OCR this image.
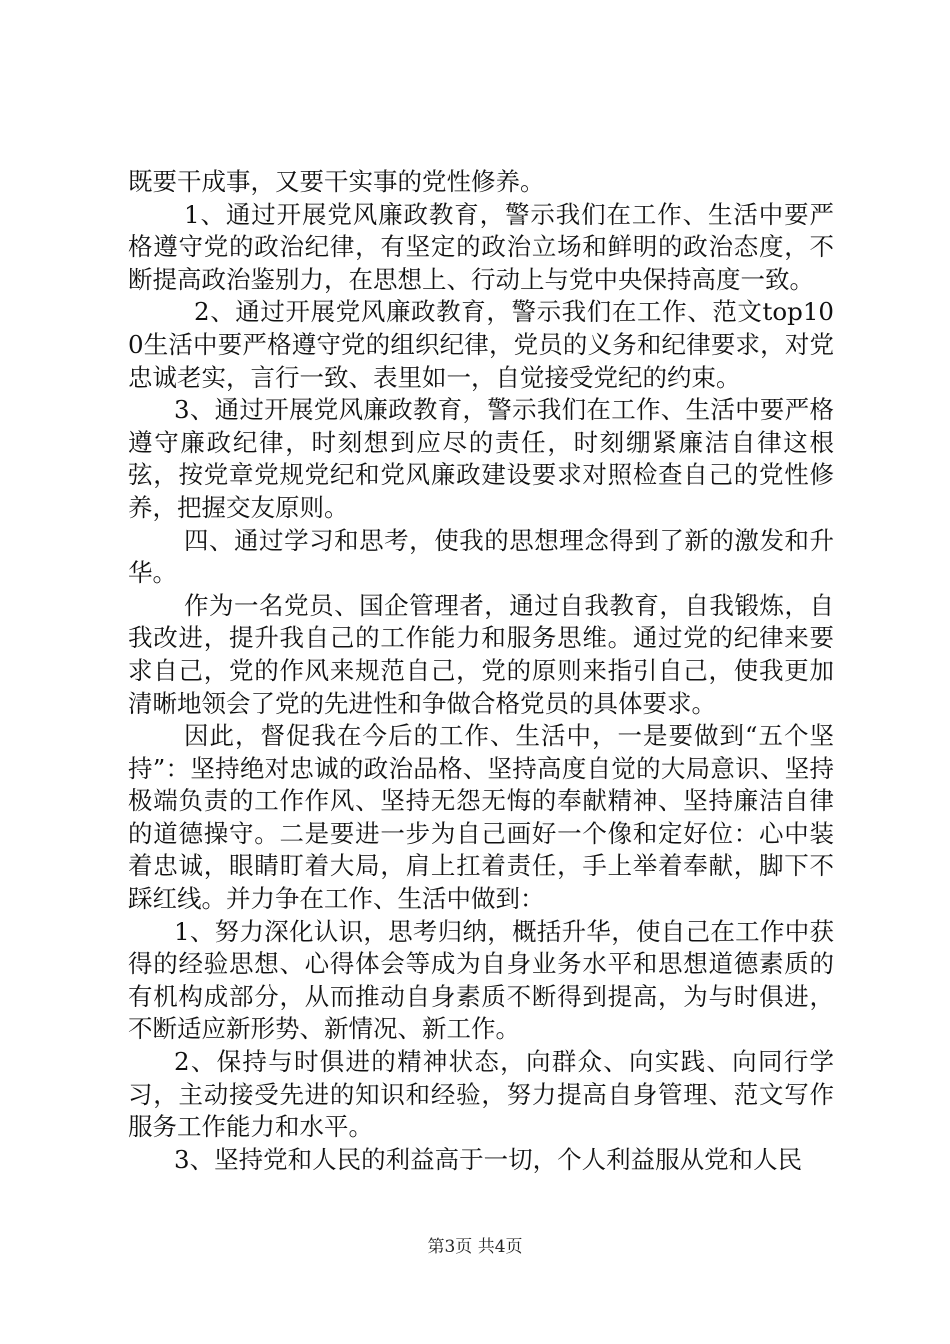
既要干成事，又要干实事的党性修养。

1、通过开展党风廉政教育，警示我们在工作、生活中要严格遵守党的政治纪律，有坚定的政治立场和鲜明的政治态度，不断提高政治鉴别力，在思想上、行动上与党中央保持高度一致。

2、通过开展党风廉政教育，警示我们在工作、范文top100生活中要严格遵守党的组织纪律，党员的义务和纪律要求，对党忠诚老实，言行一致、表里如一，自觉接受党纪的约束。

3、通过开展党风廉政教育，警示我们在工作、生活中要严格遵守廉政纪律，时刻想到应尽的责任，时刻绷紧廉洁自律这根弦，按党章党规党纪和党风廉政建设要求对照检查自己的党性修养，把握交友原则。

四、通过学习和思考，使我的思想理念得到了新的激发和升华。

作为一名党员、国企管理者，通过自我教育，自我锻炼，自我改进，提升我自己的工作能力和服务思维。通过党的纪律来要求自己，党的作风来规范自己，党的原则来指引自己，使我更加清晰地领会了党的先进性和争做合格党员的具体要求。

因此，督促我在今后的工作、生活中，一是要做到“五个坚持”：坚持绝对忠诚的政治品格、坚持高度自觉的大局意识、坚持极端负责的工作作风、坚持无怨无悔的奉献精神、坚持廉洁自律的道德操守。二是要进一步为自己画好一个像和定好位：心中装着忠诚，眼睛盯着大局，肩上扛着责任，手上举着奉献，脚下不踩红线。并力争在工作、生活中做到：

1、努力深化认识，思考归纳，概括升华，使自己在工作中获得的经验思想、心得体会等成为自身业务水平和思想道德素质的有机构成部分，从而推动自身素质不断得到提高，为与时俱进，不断适应新形势、新情况、新工作。

2、保持与时俱进的精神状态，向群众、向实践、向同行学习，主动接受先进的知识和经验，努力提高自身管理、范文写作服务工作能力和水平。

3、坚持党和人民的利益高于一切，个人利益服从党和人民

第3页 共4页
